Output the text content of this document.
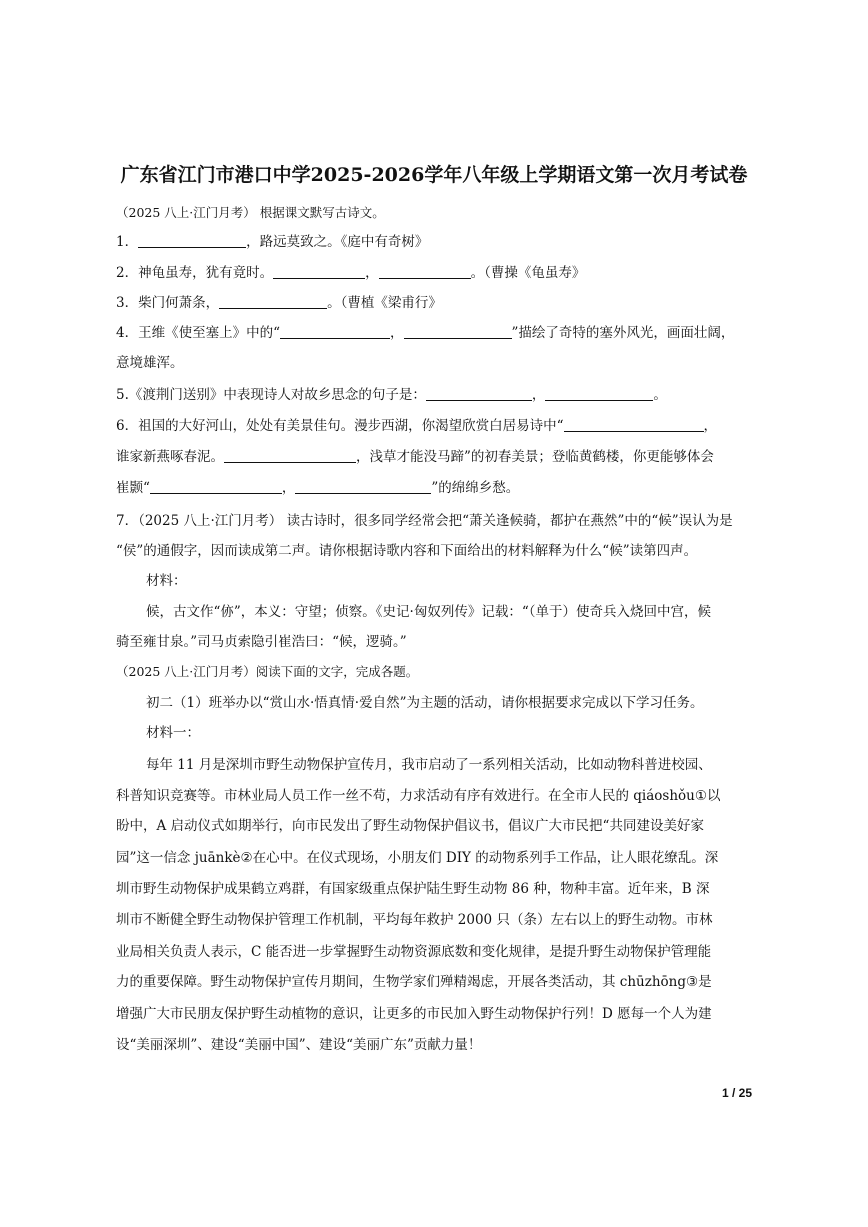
广东省江门市港口中学2025-2026学年八年级上学期语文第一次月考试卷
（2025 八上·江门月考） 根据课文默写古诗文。
1．	，路远莫致之。《庭中有奇树》
2．神龟虽寿，犹有竟时。	，	。（曹操《龟虽寿》
3．柴门何萧条，	。（曹植《梁甫行》
4．王维《使至塞上》中的“	，	”描绘了奇特的塞外风光，画面壮阔，
意境雄浑。
5.《渡荆门送别》中表现诗人对故乡思念的句子是：	，	。
6．祖国的大好河山，处处有美景佳句。漫步西湖，你渴望欣赏白居易诗中“	，
谁家新燕啄春泥。	，浅草才能没马蹄”的初春美景；登临黄鹤楼，你更能够体会
崔颢“	，	”的绵绵乡愁。
7．（2025 八上·江门月考） 读古诗时，很多同学经常会把“萧关逢候骑，都护在燕然”中的“候”误认为是
“侯”的通假字，因而读成第二声。请你根据诗歌内容和下面给出的材料解释为什么“候”读第四声。
材料：
候，古文作“㑊”，本义：守望；侦察。《史记·匈奴列传》记载：“（单于）使奇兵入烧回中宫，候
骑至雍甘泉。”司马贞索隐引崔浩曰：“候，逻骑。”
（2025 八上·江门月考）阅读下面的文字，完成各题。
初二（1）班举办以“赏山水·悟真情·爱自然”为主题的活动，请你根据要求完成以下学习任务。
材料一：
每年 11 月是深圳市野生动物保护宣传月，我市启动了一系列相关活动，比如动物科普进校园、
科普知识竞赛等。市林业局人员工作一丝不苟，力求活动有序有效进行。在全市人民的 qiáoshǒu①以
盼中，A 启动仪式如期举行，向市民发出了野生动物保护倡议书，倡议广大市民把“共同建设美好家
园”这一信念 juānkè②在心中。在仪式现场，小朋友们 DIY 的动物系列手工作品，让人眼花缭乱。深
圳市野生动物保护成果鹤立鸡群，有国家级重点保护陆生野生动物 86 种，物种丰富。近年来，B 深
圳市不断健全野生动物保护管理工作机制，平均每年救护 2000 只（条）左右以上的野生动物。市林
业局相关负责人表示，C 能否进一步掌握野生动物资源底数和变化规律，是提升野生动物保护管理能
力的重要保障。野生动物保护宣传月期间，生物学家们殚精竭虑，开展各类活动，其 chūzhōng③是
增强广大市民朋友保护野生动植物的意识，让更多的市民加入野生动物保护行列！D 愿每一个人为建
设“美丽深圳”、建设“美丽中国”、建设“美丽广东”贡献力量！
1 / 25
